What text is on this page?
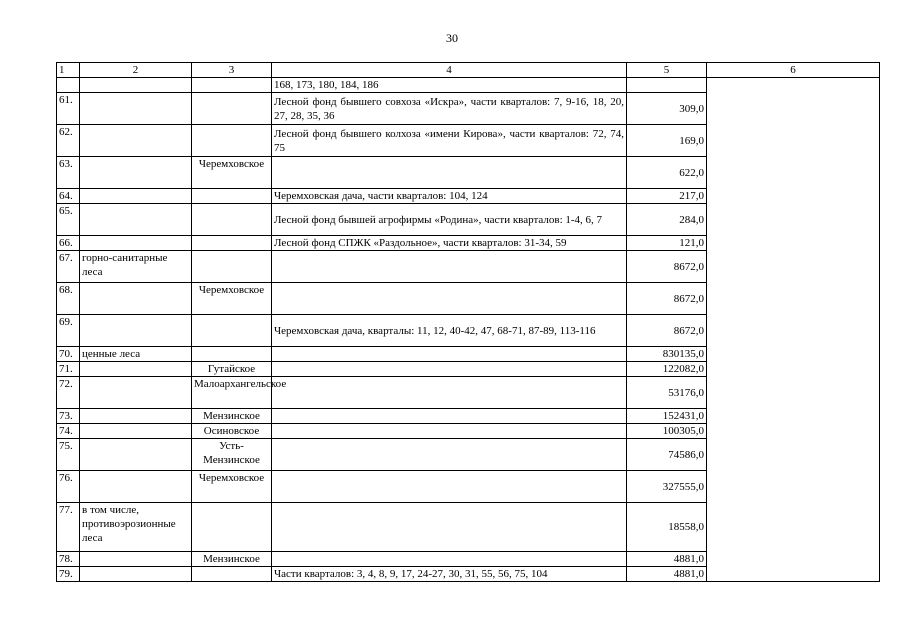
30
1	2	3	4	5	6
			168, 173, 180, 184, 186		
61.			Лесной фонд бывшего совхоза «Искра», части кварталов: 7, 9-16, 18, 20, 27, 28, 35, 36	309,0	
62.			Лесной фонд бывшего колхоза «имени Кирова», части кварталов: 72, 74, 75	169,0	
63.		Черемховское		622,0	
64.			Черемховская дача, части кварталов: 104, 124	217,0	
65.			Лесной фонд бывшей агрофирмы «Родина», части кварталов: 1-4, 6, 7	284,0	
66.			Лесной фонд СПЖК «Раздольное», части кварталов: 31-34, 59	121,0	
67.	горно-санитарные леса			8672,0	
68.		Черемховское		8672,0	
69.			Черемховская дача, кварталы: 11, 12, 40-42, 47, 68-71, 87-89, 113-116	8672,0	
70.	ценные леса			830135,0	
71.		Гутайское		122082,0	
72.		Малоархангельское		53176,0	
73.		Мензинское		152431,0	
74.		Осиновское		100305,0	
75.		Усть-Мензинское		74586,0	
76.		Черемховское		327555,0	
77.	в том числе, противоэрозионные леса			18558,0	
78.		Мензинское		4881,0	
79.			Части кварталов: 3, 4, 8, 9, 17, 24-27, 30, 31, 55, 56, 75, 104	4881,0	
